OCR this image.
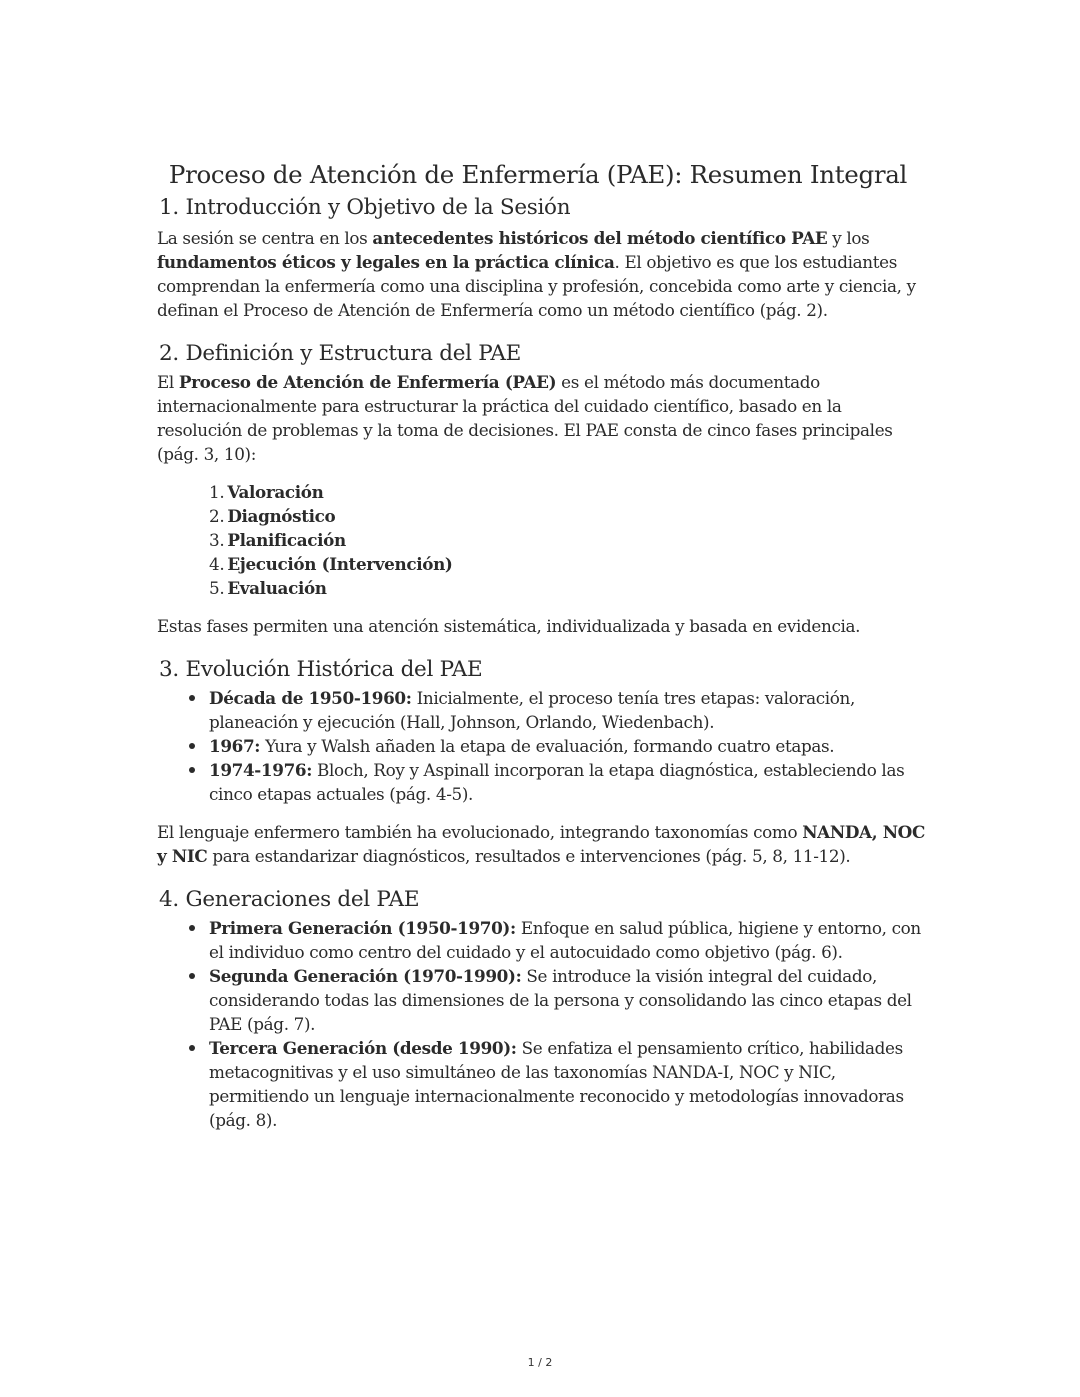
Proceso de Atención de Enfermería (PAE): Resumen Integral
1. Introducción y Objetivo de la Sesión

La sesión se centra en los antecedentes históricos del método científico PAE y los fundamentos éticos y legales en la práctica clínica. El objetivo es que los estudiantes comprendan la enfermería como una disciplina y profesión, concebida como arte y ciencia, y definan el Proceso de Atención de Enfermería como un método científico (pág. 2).

2. Definición y Estructura del PAE

El Proceso de Atención de Enfermería (PAE) es el método más documentado internacionalmente para estructurar la práctica del cuidado científico, basado en la resolución de problemas y la toma de decisiones. El PAE consta de cinco fases principales (pág. 3, 10):

1. Valoración
2. Diagnóstico
3. Planificación
4. Ejecución (Intervención)
5. Evaluación

Estas fases permiten una atención sistemática, individualizada y basada en evidencia.

3. Evolución Histórica del PAE
Década de 1950-1960: Inicialmente, el proceso tenía tres etapas: valoración, planeación y ejecución (Hall, Johnson, Orlando, Wiedenbach).
1967: Yura y Walsh añaden la etapa de evaluación, formando cuatro etapas.
1974-1976: Bloch, Roy y Aspinall incorporan la etapa diagnóstica, estableciendo las cinco etapas actuales (pág. 4-5).

El lenguaje enfermero también ha evolucionado, integrando taxonomías como NANDA, NOC y NIC para estandarizar diagnósticos, resultados e intervenciones (pág. 5, 8, 11-12).

4. Generaciones del PAE
Primera Generación (1950-1970): Enfoque en salud pública, higiene y entorno, con el individuo como centro del cuidado y el autocuidado como objetivo (pág. 6).
Segunda Generación (1970-1990): Se introduce la visión integral del cuidado, considerando todas las dimensiones de la persona y consolidando las cinco etapas del PAE (pág. 7).
Tercera Generación (desde 1990): Se enfatiza el pensamiento crítico, habilidades metacognitivas y el uso simultáneo de las taxonomías NANDA-I, NOC y NIC, permitiendo un lenguaje internacionalmente reconocido y metodologías innovadoras (pág. 8).
1 / 2
